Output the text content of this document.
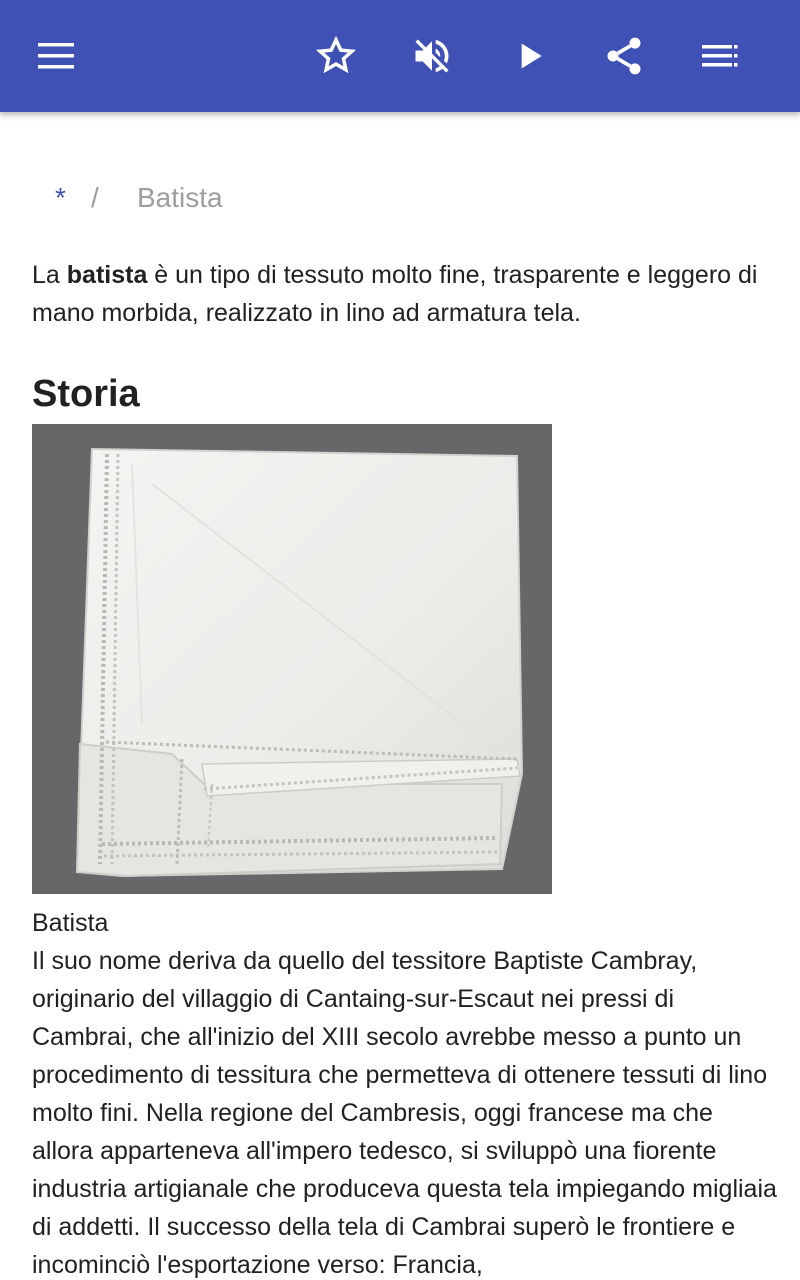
* / Batista

La batista è un tipo di tessuto molto fine, trasparente e leggero di mano morbida, realizzato in lino ad armatura tela.

Storia

Batista

Il suo nome deriva da quello del tessitore Baptiste Cambray, originario del villaggio di Cantaing-sur-Escaut nei pressi di Cambrai, che all'inizio del XIII secolo avrebbe messo a punto un procedimento di tessitura che permetteva di ottenere tessuti di lino molto fini. Nella regione del Cambresis, oggi francese ma che allora apparteneva all'impero tedesco, si sviluppò una fiorente industria artigianale che produceva questa tela impiegando migliaia di addetti. Il successo della tela di Cambrai superò le frontiere e incominciò l'esportazione verso: Francia,
